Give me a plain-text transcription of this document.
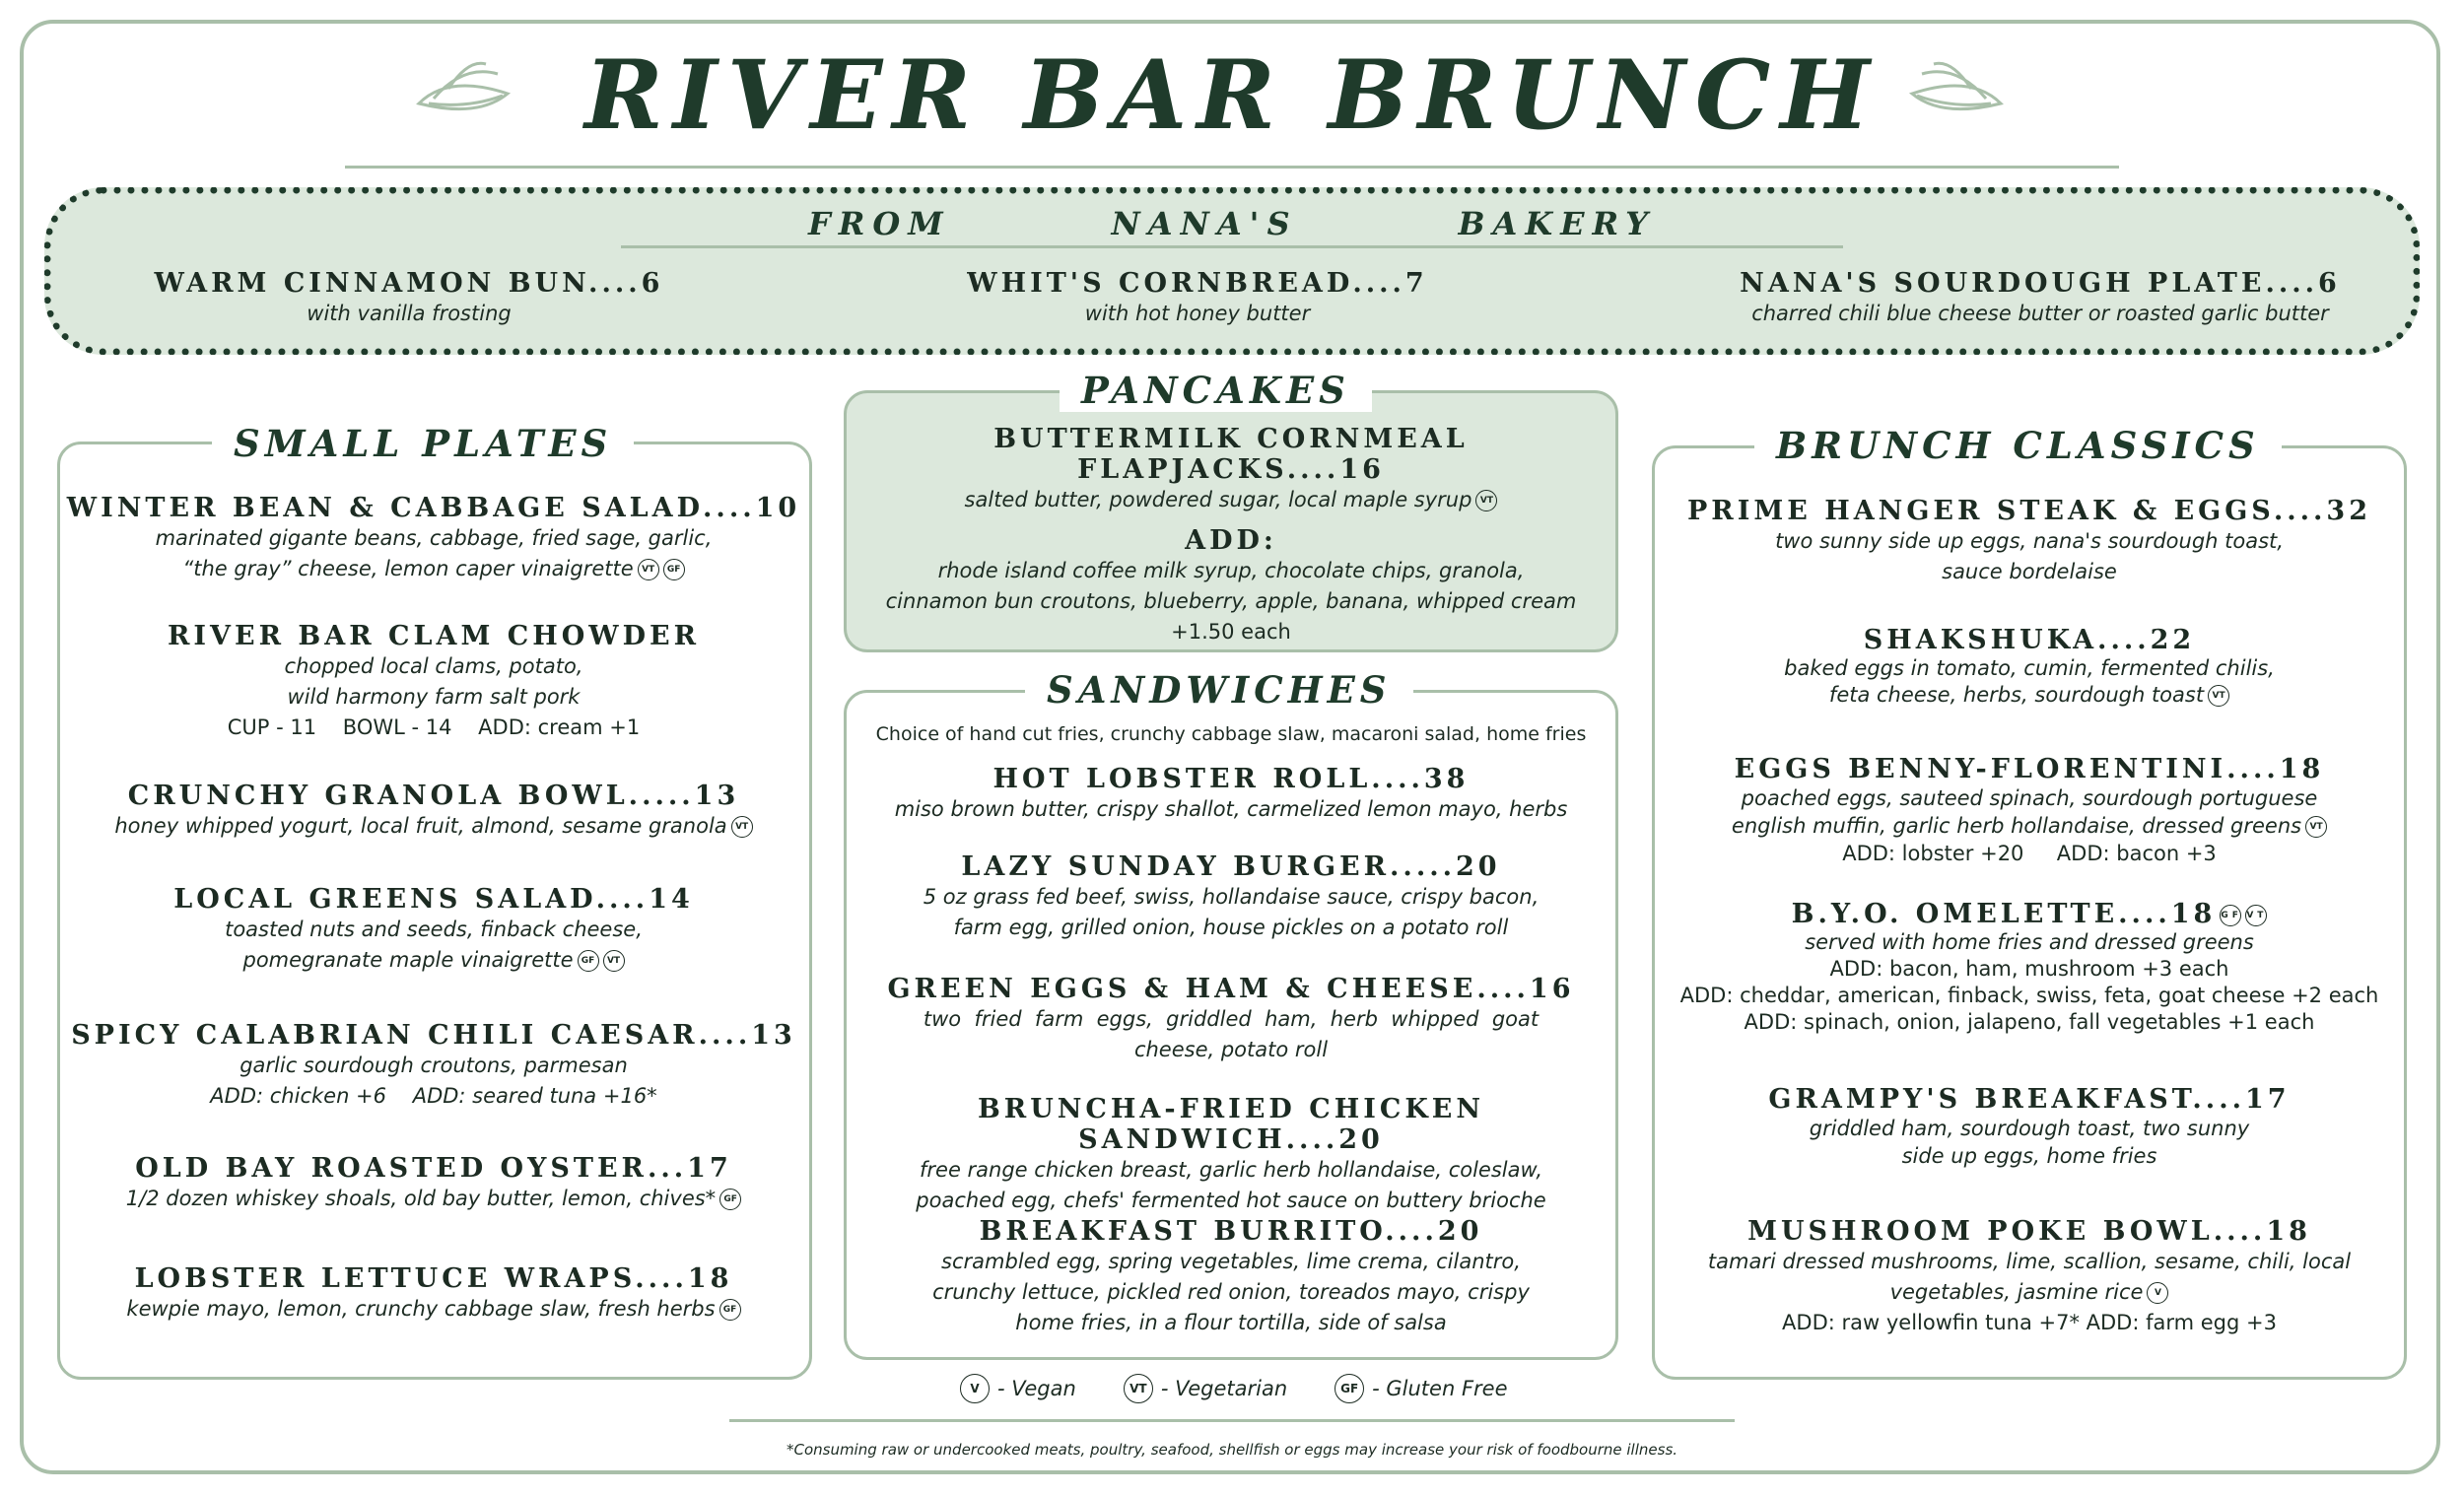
RIVER BAR BRUNCH
FROM	NANA'S	BAKERY
WARM CINNAMON BUN....6
with vanilla frosting
WHIT'S CORNBREAD....7
with hot honey butter
NANA'S SOURDOUGH PLATE....6
charred chili blue cheese butter or roasted garlic butter
SMALL PLATES
WINTER BEAN & CABBAGE SALAD....10
marinated gigante beans, cabbage, fried sage, garlic,
“the gray” cheese, lemon caper vinaigrette VT GF
RIVER BAR CLAM CHOWDER
chopped local clams, potato,
wild harmony farm salt pork
CUP - 11    BOWL - 14    ADD: cream +1
CRUNCHY GRANOLA BOWL.....13
honey whipped yogurt, local fruit, almond, sesame granola VT
LOCAL GREENS SALAD....14
toasted nuts and seeds, finback cheese,
pomegranate maple vinaigrette GF VT
SPICY CALABRIAN CHILI CAESAR....13
garlic sourdough croutons, parmesan
ADD: chicken +6    ADD: seared tuna +16*
OLD BAY ROASTED OYSTER...17
1/2 dozen whiskey shoals, old bay butter, lemon, chives* GF
LOBSTER LETTUCE WRAPS....18
kewpie mayo, lemon, crunchy cabbage slaw, fresh herbs GF
PANCAKES
BUTTERMILK CORNMEAL FLAPJACKS....16
salted butter, powdered sugar, local maple syrup VT
ADD:
rhode island coffee milk syrup, chocolate chips, granola,
cinnamon bun croutons, blueberry, apple, banana, whipped cream
+1.50 each
SANDWICHES
Choice of hand cut fries, crunchy cabbage slaw, macaroni salad, home fries
HOT LOBSTER ROLL....38
miso brown butter, crispy shallot, carmelized lemon mayo, herbs
LAZY SUNDAY BURGER.....20
5 oz grass fed beef, swiss, hollandaise sauce, crispy bacon,
farm egg, grilled onion, house pickles on a potato roll
GREEN EGGS & HAM & CHEESE....16
two  fried  farm  eggs,  griddled  ham,  herb  whipped  goat
cheese, potato roll
BRUNCHA-FRIED CHICKEN SANDWICH....20
free range chicken breast, garlic herb hollandaise, coleslaw,
poached egg, chefs' fermented hot sauce on buttery brioche
BREAKFAST BURRITO....20
scrambled egg, spring vegetables, lime crema, cilantro,
crunchy lettuce, pickled red onion, toreados mayo, crispy
home fries, in a flour tortilla, side of salsa
BRUNCH CLASSICS
PRIME HANGER STEAK & EGGS....32
two sunny side up eggs, nana's sourdough toast,
sauce bordelaise
SHAKSHUKA....22
baked eggs in tomato, cumin, fermented chilis,
feta cheese, herbs, sourdough toast VT
EGGS BENNY-FLORENTINI....18
poached eggs, sauteed spinach, sourdough portuguese
english muffin, garlic herb hollandaise, dressed greens VT
ADD: lobster +20     ADD: bacon +3
B.Y.O. OMELETTE....18 GF VT
served with home fries and dressed greens
ADD: bacon, ham, mushroom +3 each
ADD: cheddar, american, finback, swiss, feta, goat cheese +2 each
ADD: spinach, onion, jalapeno, fall vegetables +1 each
GRAMPY'S BREAKFAST....17
griddled ham, sourdough toast, two sunny
side up eggs, home fries
MUSHROOM POKE BOWL....18
tamari dressed mushrooms, lime, scallion, sesame, chili, local
vegetables, jasmine rice V
ADD: raw yellowfin tuna +7* ADD: farm egg +3
V - Vegan	VT - Vegetarian	GF - Gluten Free
*Consuming raw or undercooked meats, poultry, seafood, shellfish or eggs may increase your risk of foodbourne illness.
